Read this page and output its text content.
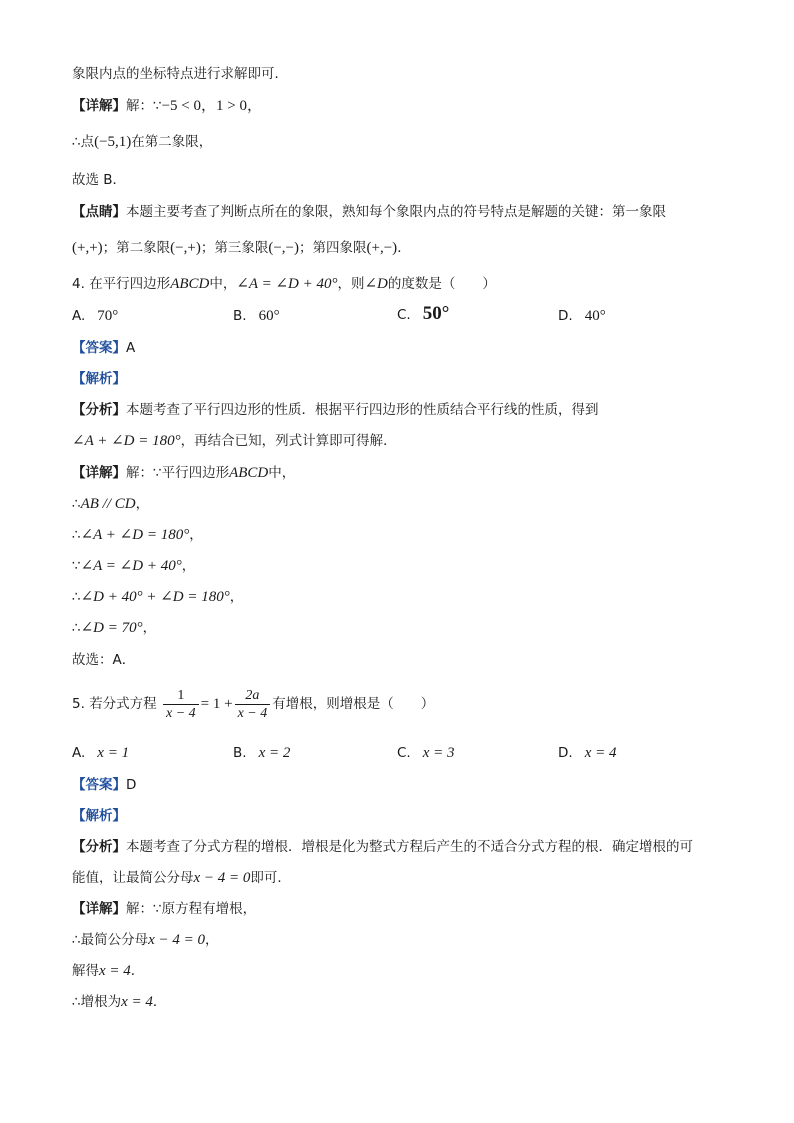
象限内点的坐标特点进行求解即可．
【详解】解：∵−5 < 0，1 > 0，
∴点(−5,1)在第二象限，
故选 B．
【点睛】本题主要考查了判断点所在的象限，熟知每个象限内点的符号特点是解题的关键：第一象限
(+,+)；第二象限(−,+)；第三象限(−,−)；第四象限(+,−)．
4. 在平行四边形ABCD中，∠A = ∠D + 40°，则∠D的度数是（　　）
A. 70°	B. 60°	C. 50°	D. 40°
【答案】A
【解析】
【分析】本题考查了平行四边形的性质．根据平行四边形的性质结合平行线的性质，得到
∠A + ∠D = 180°，再结合已知，列式计算即可得解．
【详解】解：∵平行四边形ABCD中，
∴AB // CD，
∴∠A + ∠D = 180°，
∵∠A = ∠D + 40°，
∴∠D + 40° + ∠D = 180°，
∴∠D = 70°，
故选：A．
5. 若分式方程 $\frac{1}{x - 4} = 1 + \frac{2a}{x - 4}$ 有增根，则增根是（　　）
A. x = 1	B. x = 2	C. x = 3	D. x = 4
【答案】D
【解析】
【分析】本题考查了分式方程的增根．增根是化为整式方程后产生的不适合分式方程的根．确定增根的可
能值，让最简公分母x − 4 = 0即可．
【详解】解：∵原方程有增根，
∴最简公分母x − 4 = 0，
解得x = 4．
∴增根为x = 4．
